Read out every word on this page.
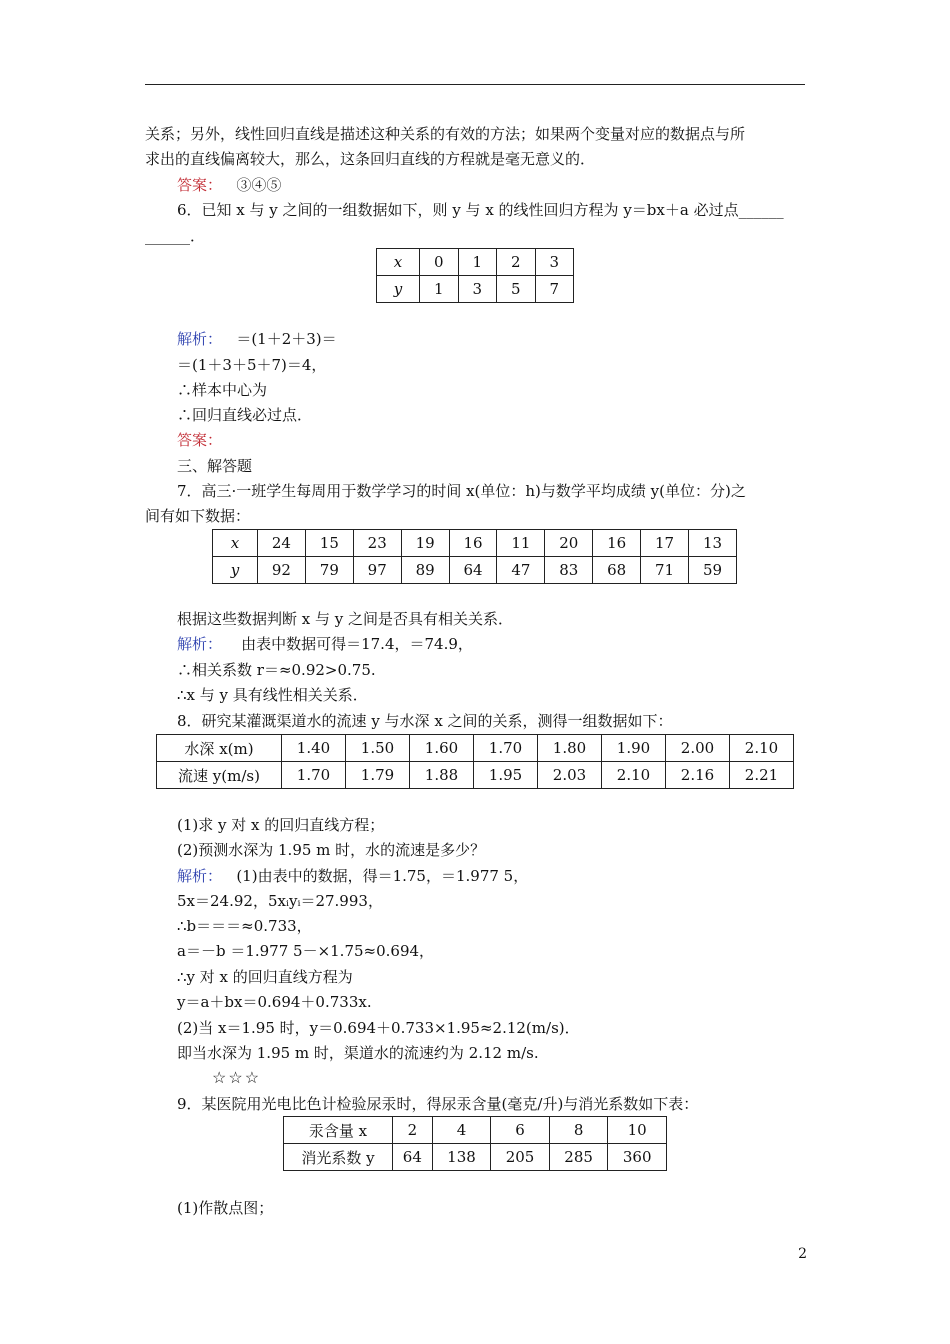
关系；另外，线性回归直线是描述这种关系的有效的方法；如果两个变量对应的数据点与所
求出的直线偏离较大，那么，这条回归直线的方程就是毫无意义的．
答案： ③④⑤
6．已知 x 与 y 之间的一组数据如下，则 y 与 x 的线性回归方程为 y＝bx＋a 必过点______
______．
x	0	1	2	3
y	1	3	5	7
解析： ＝(1＋2＋3)＝
＝(1＋3＋5＋7)＝4，
∴样本中心为
∴回归直线必过点．
答案：
三、解答题
7．高三·一班学生每周用于数学学习的时间 x(单位：h)与数学平均成绩 y(单位：分)之
间有如下数据：
x	24	15	23	19	16	11	20	16	17	13
y	92	79	97	89	64	47	83	68	71	59
根据这些数据判断 x 与 y 之间是否具有相关关系．
解析： 由表中数据可得＝17.4，＝74.9，
∴相关系数 r＝≈0.92>0.75.
∴x 与 y 具有线性相关关系．
8．研究某灌溉渠道水的流速 y 与水深 x 之间的关系，测得一组数据如下：
水深 x(m)	1.40	1.50	1.60	1.70	1.80	1.90	2.00	2.10
流速 y(m/s)	1.70	1.79	1.88	1.95	2.03	2.10	2.16	2.21
(1)求 y 对 x 的回归直线方程；
(2)预测水深为 1.95 m 时，水的流速是多少？
解析： (1)由表中的数据，得＝1.75，＝1.977 5，
5x＝24.92，5xᵢyᵢ＝27.993，
∴b＝＝＝≈0.733，
a＝－b ＝1.977 5－×1.75≈0.694，
∴y 对 x 的回归直线方程为
y＝a＋bx＝0.694＋0.733x.
(2)当 x＝1.95 时，y＝0.694＋0.733×1.95≈2.12(m/s)．
即当水深为 1.95 m 时，渠道水的流速约为 2.12 m/s.
☆☆☆
9．某医院用光电比色计检验尿汞时，得尿汞含量(毫克/升)与消光系数如下表：
汞含量 x	2	4	6	8	10
消光系数 y	64	138	205	285	360
(1)作散点图；
2
